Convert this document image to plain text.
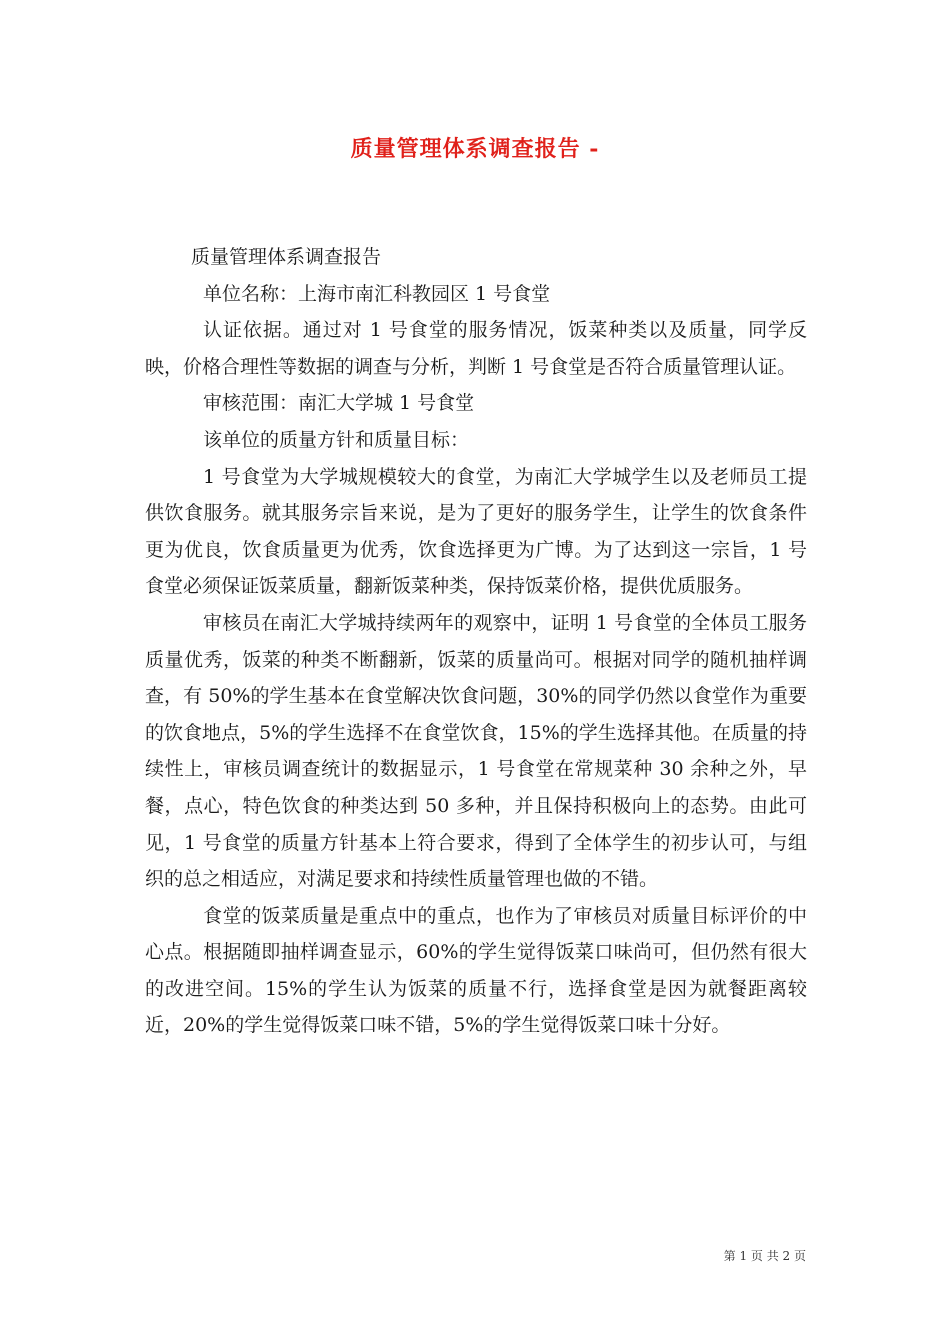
质量管理体系调查报告 -

质量管理体系调查报告

单位名称：上海市南汇科教园区 1 号食堂

认证依据。通过对 1 号食堂的服务情况，饭菜种类以及质量，同学反映，价格合理性等数据的调查与分析，判断 1 号食堂是否符合质量管理认证。

审核范围：南汇大学城 1 号食堂

该单位的质量方针和质量目标：

1 号食堂为大学城规模较大的食堂，为南汇大学城学生以及老师员工提供饮食服务。就其服务宗旨来说，是为了更好的服务学生，让学生的饮食条件更为优良，饮食质量更为优秀，饮食选择更为广博。为了达到这一宗旨，1 号食堂必须保证饭菜质量，翻新饭菜种类，保持饭菜价格，提供优质服务。

审核员在南汇大学城持续两年的观察中，证明 1 号食堂的全体员工服务质量优秀，饭菜的种类不断翻新，饭菜的质量尚可。根据对同学的随机抽样调查，有 50%的学生基本在食堂解决饮食问题，30%的同学仍然以食堂作为重要的饮食地点，5%的学生选择不在食堂饮食，15%的学生选择其他。在质量的持续性上，审核员调查统计的数据显示，1 号食堂在常规菜种 30 余种之外，早餐，点心，特色饮食的种类达到 50 多种，并且保持积极向上的态势。由此可见，1 号食堂的质量方针基本上符合要求，得到了全体学生的初步认可，与组织的总之相适应，对满足要求和持续性质量管理也做的不错。

食堂的饭菜质量是重点中的重点，也作为了审核员对质量目标评价的中心点。根据随即抽样调查显示，60%的学生觉得饭菜口味尚可，但仍然有很大的改进空间。15%的学生认为饭菜的质量不行，选择食堂是因为就餐距离较近，20%的学生觉得饭菜口味不错，5%的学生觉得饭菜口味十分好。

第 1 页 共 2 页
